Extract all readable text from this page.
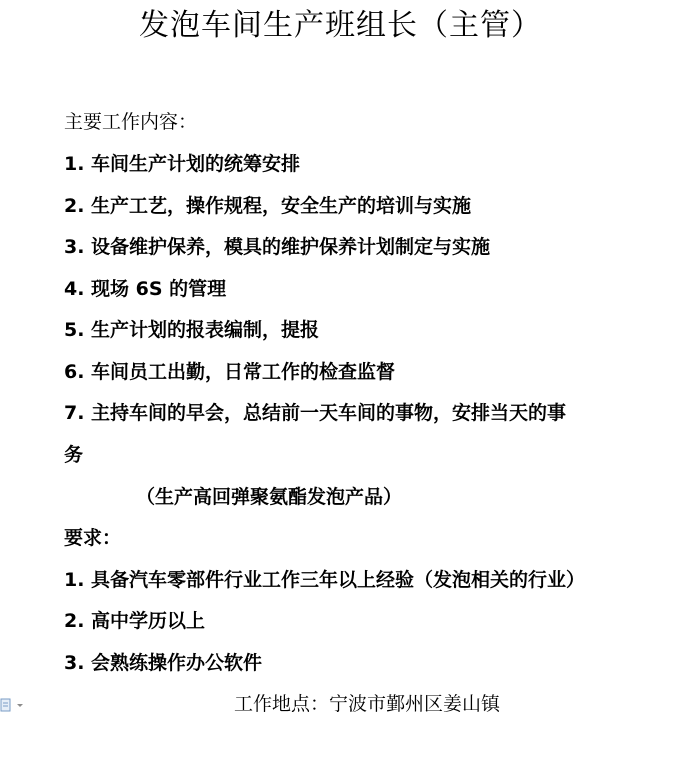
发泡车间生产班组长（主管）
主要工作内容：
1. 车间生产计划的统筹安排
2. 生产工艺，操作规程，安全生产的培训与实施
3. 设备维护保养，模具的维护保养计划制定与实施
4. 现场 6S 的管理
5. 生产计划的报表编制，提报
6. 车间员工出勤，日常工作的检查监督
7. 主持车间的早会，总结前一天车间的事物，安排当天的事
务
（生产高回弹聚氨酯发泡产品）
要求：
1. 具备汽车零部件行业工作三年以上经验（发泡相关的行业）
2. 高中学历以上
3. 会熟练操作办公软件
工作地点：宁波市鄞州区姜山镇
